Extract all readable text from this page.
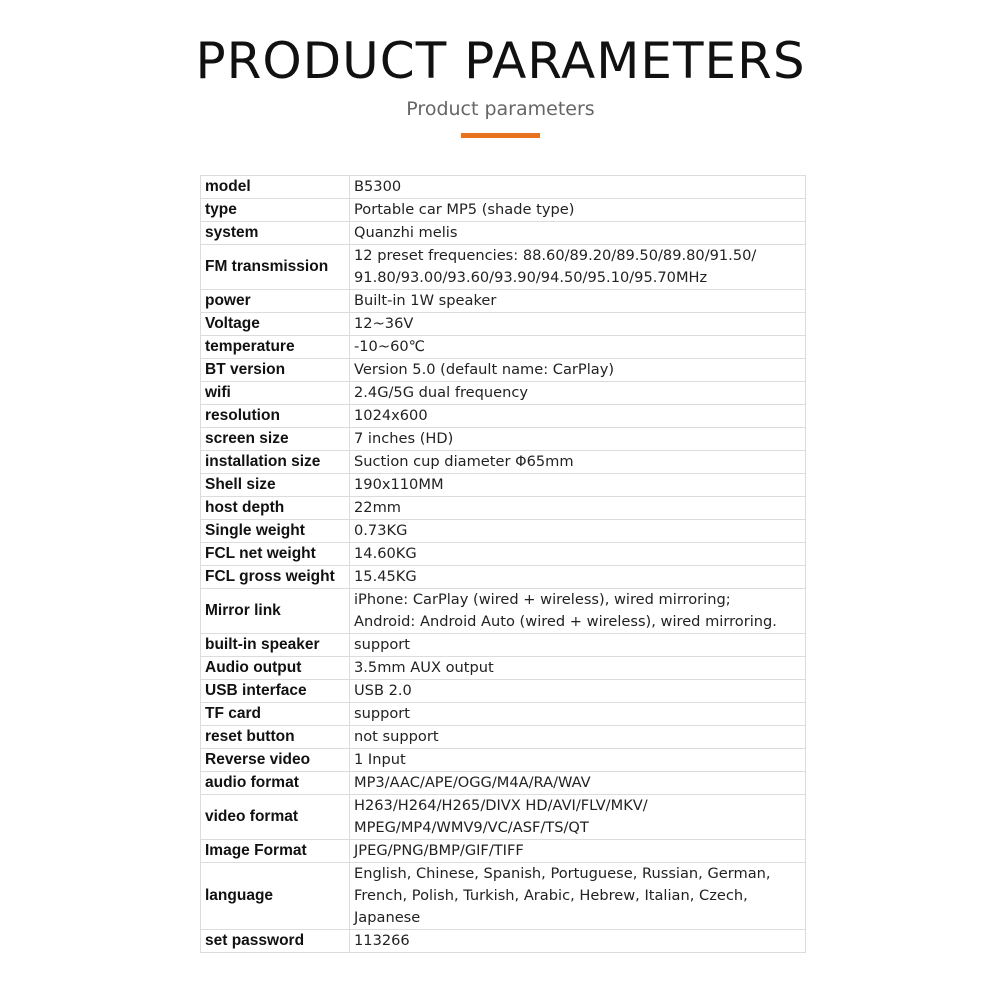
PRODUCT PARAMETERS
Product parameters
model	B5300
type	Portable car MP5 (shade type)
system	Quanzhi melis
FM transmission	12 preset frequencies: 88.60/89.20/89.50/89.80/91.50/
91.80/93.00/93.60/93.90/94.50/95.10/95.70MHz
power	Built-in 1W speaker
Voltage	12~36V
temperature	-10~60℃
BT version	Version 5.0 (default name: CarPlay)
wifi	2.4G/5G dual frequency
resolution	1024x600
screen size	7 inches (HD)
installation size	Suction cup diameter Φ65mm
Shell size	190x110MM
host depth	22mm
Single weight	0.73KG
FCL net weight	14.60KG
FCL gross weight	15.45KG
Mirror link	iPhone: CarPlay (wired + wireless), wired mirroring;
Android: Android Auto (wired + wireless), wired mirroring.
built-in speaker	support
Audio output	3.5mm AUX output
USB interface	USB 2.0
TF card	support
reset button	not support
Reverse video	1 Input
audio format	MP3/AAC/APE/OGG/M4A/RA/WAV
video format	H263/H264/H265/DIVX HD/AVI/FLV/MKV/
MPEG/MP4/WMV9/VC/ASF/TS/QT
Image Format	JPEG/PNG/BMP/GIF/TIFF
language	English, Chinese, Spanish, Portuguese, Russian, German,
French, Polish, Turkish, Arabic, Hebrew, Italian, Czech,
Japanese
set password	113266
